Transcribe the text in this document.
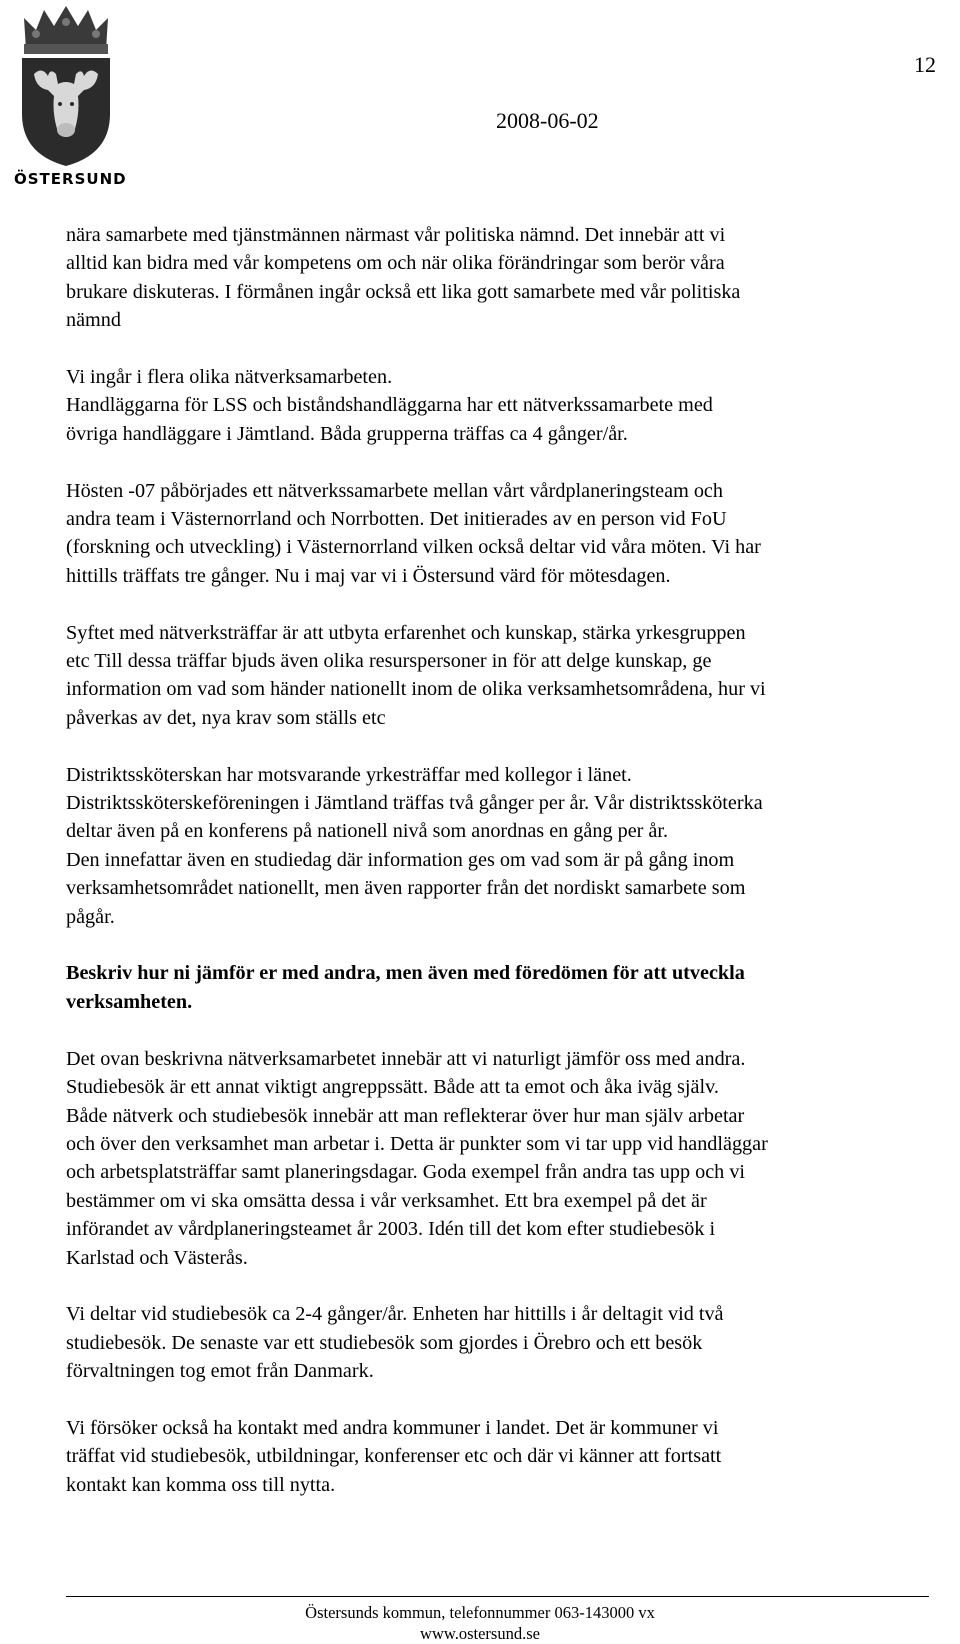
ÖSTERSUND
12
2008-06-02

nära samarbete med tjänstmännen närmast vår politiska nämnd. Det innebär att vi
alltid kan bidra med vår kompetens om och när olika förändringar som berör våra
brukare diskuteras. I förmånen ingår också ett lika gott samarbete med vår politiska
nämnd

Vi ingår i flera olika nätverksamarbeten.
Handläggarna för LSS och biståndshandläggarna har ett nätverkssamarbete med
övriga handläggare i Jämtland. Båda grupperna träffas ca 4 gånger/år.

Hösten -07 påbörjades ett nätverkssamarbete mellan vårt vårdplaneringsteam och
andra team i Västernorrland och Norrbotten. Det initierades av en person vid FoU
(forskning och utveckling) i Västernorrland vilken också deltar vid våra möten. Vi har
hittills träffats tre gånger. Nu i maj var vi i Östersund värd för mötesdagen.

Syftet med nätverksträffar är att utbyta erfarenhet och kunskap, stärka yrkesgruppen
etc Till dessa träffar bjuds även olika resurspersoner in för att delge kunskap, ge
information om vad som händer nationellt inom de olika verksamhetsområdena, hur vi
påverkas av det, nya krav som ställs etc

Distriktssköterskan har motsvarande yrkesträffar med kollegor i länet.
Distriktssköterskeföreningen i Jämtland träffas två gånger per år. Vår distriktssköterka
deltar även på en konferens på nationell nivå som anordnas en gång per år.

Den innefattar även en studiedag där information ges om vad som är på gång inom
verksamhetsområdet nationellt, men även rapporter från det nordiskt samarbete som
pågår.

Beskriv hur ni jämför er med andra, men även med föredömen för att utveckla
verksamheten.

Det ovan beskrivna nätverksamarbetet innebär att vi naturligt jämför oss med andra.
Studiebesök är ett annat viktigt angreppssätt. Både att ta emot och åka iväg själv.
Både nätverk och studiebesök innebär att man reflekterar över hur man själv arbetar
och över den verksamhet man arbetar i. Detta är punkter som vi tar upp vid handläggar
och arbetsplatsträffar samt planeringsdagar. Goda exempel från andra tas upp och vi
bestämmer om vi ska omsätta dessa i vår verksamhet. Ett bra exempel på det är
införandet av vårdplaneringsteamet år 2003. Idén till det kom efter studiebesök i
Karlstad och Västerås.

Vi deltar vid studiebesök ca 2-4 gånger/år. Enheten har hittills i år deltagit vid två
studiebesök. De senaste var ett studiebesök som gjordes i Örebro och ett besök
förvaltningen tog emot från Danmark.

Vi försöker också ha kontakt med andra kommuner i landet. Det är kommuner vi
träffat vid studiebesök, utbildningar, konferenser etc och där vi känner att fortsatt
kontakt kan komma oss till nytta.

Östersunds kommun, telefonnummer 063-143000 vx
www.ostersund.se
